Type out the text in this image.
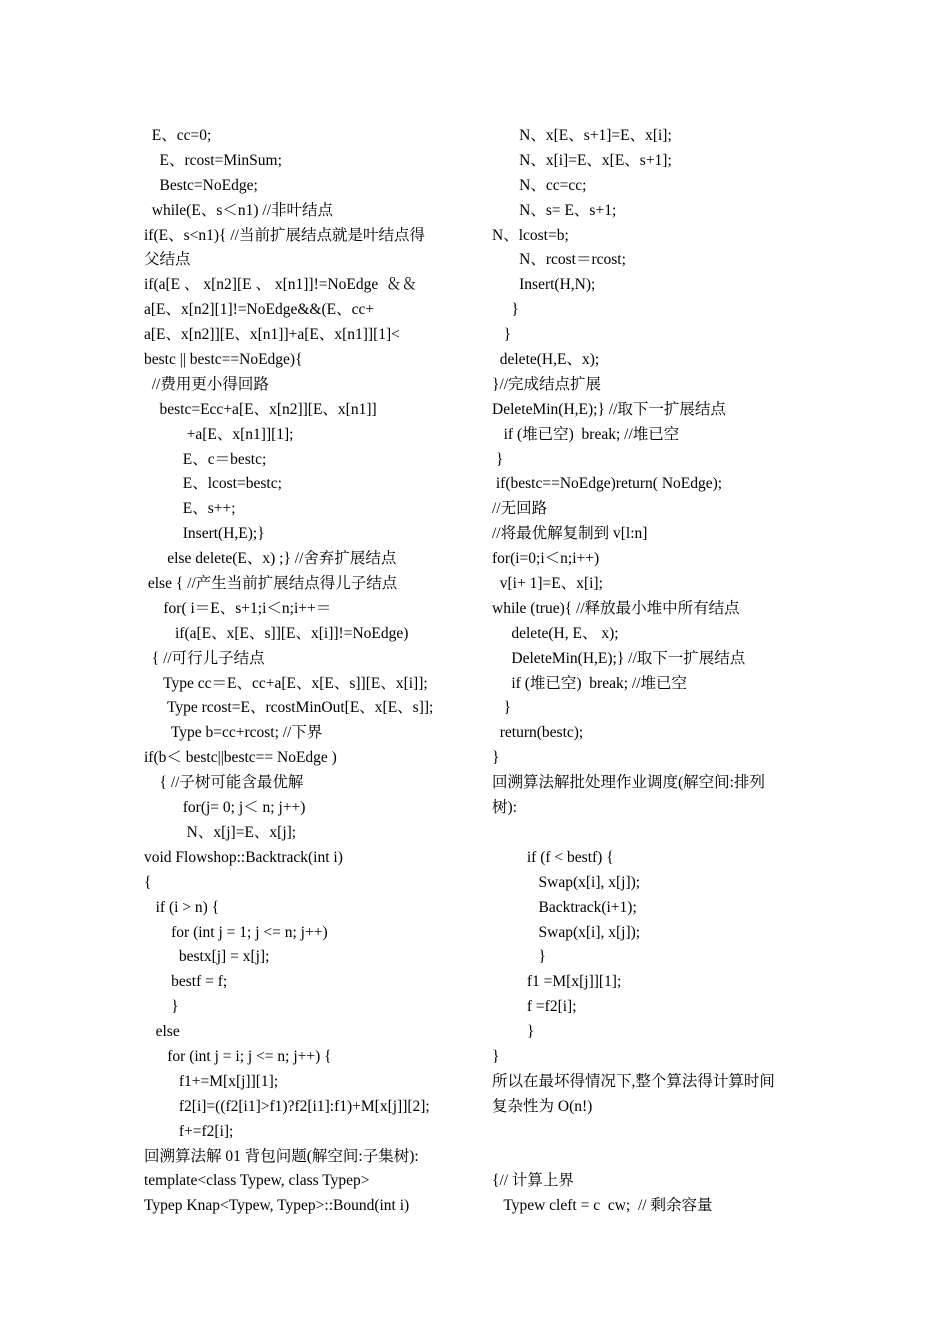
E、cc=0;
E、rcost=MinSum;
Bestc=NoEdge;
while(E、s＜n1) //非叶结点
if(E、s<n1){ //当前扩展结点就是叶结点得
父结点
if(a[E 、 x[n2][E 、 x[n1]]!=NoEdge  ＆＆
a[E、x[n2][1]!=NoEdge&&(E、cc+
a[E、x[n2]][E、x[n1]]+a[E、x[n1]][1]<
bestc || bestc==NoEdge){
//费用更小得回路
bestc=Ecc+a[E、x[n2]][E、x[n1]]
+a[E、x[n1]][1];
E、c＝bestc;
E、lcost=bestc;
E、s++;
Insert(H,E);}
else delete(E、x) ;} //舍弃扩展结点
else { //产生当前扩展结点得儿子结点
for( i＝E、s+1;i＜n;i++＝
if(a[E、x[E、s]][E、x[i]]!=NoEdge)
{ //可行儿子结点
Type cc＝E、cc+a[E、x[E、s]][E、x[i]];
Type rcost=E、rcostMinOut[E、x[E、s]];
Type b=cc+rcost; //下界
if(b＜ bestc||bestc== NoEdge )
{ //子树可能含最优解
for(j= 0; j＜ n; j++)
N、x[j]=E、x[j];
void Flowshop::Backtrack(int i)
{
if (i > n) {
for (int j = 1; j <= n; j++)
bestx[j] = x[j];
bestf = f;
}
else
for (int j = i; j <= n; j++) {
f1+=M[x[j]][1];
f2[i]=((f2[i1]>f1)?f2[i1]:f1)+M[x[j]][2];
f+=f2[i];
回溯算法解 01 背包问题(解空间:子集树):
template<class Typew, class Typep>
Typep Knap<Typew, Typep>::Bound(int i)
N、x[E、s+1]=E、x[i];
N、x[i]=E、x[E、s+1];
N、cc=cc;
N、s= E、s+1;
N、lcost=b;
N、rcost＝rcost;
Insert(H,N);
}
}
delete(H,E、x);
}//完成结点扩展
DeleteMin(H,E);} //取下一扩展结点
if (堆已空)  break; //堆已空
}
if(bestc==NoEdge)return( NoEdge);
//无回路
//将最优解复制到 v[l:n]
for(i=0;i＜n;i++)
v[i+ 1]=E、x[i];
while (true){ //释放最小堆中所有结点
delete(H, E、 x);
DeleteMin(H,E);} //取下一扩展结点
if (堆已空)  break; //堆已空
}
return(bestc);
}
回溯算法解批处理作业调度(解空间:排列
树):
if (f < bestf) {
Swap(x[i], x[j]);
Backtrack(i+1);
Swap(x[i], x[j]);
}
f1 =M[x[j]][1];
f =f2[i];
}
}
所以在最坏得情况下,整个算法得计算时间
复杂性为 O(n!)
{// 计算上界
Typew cleft = c  cw;  // 剩余容量
